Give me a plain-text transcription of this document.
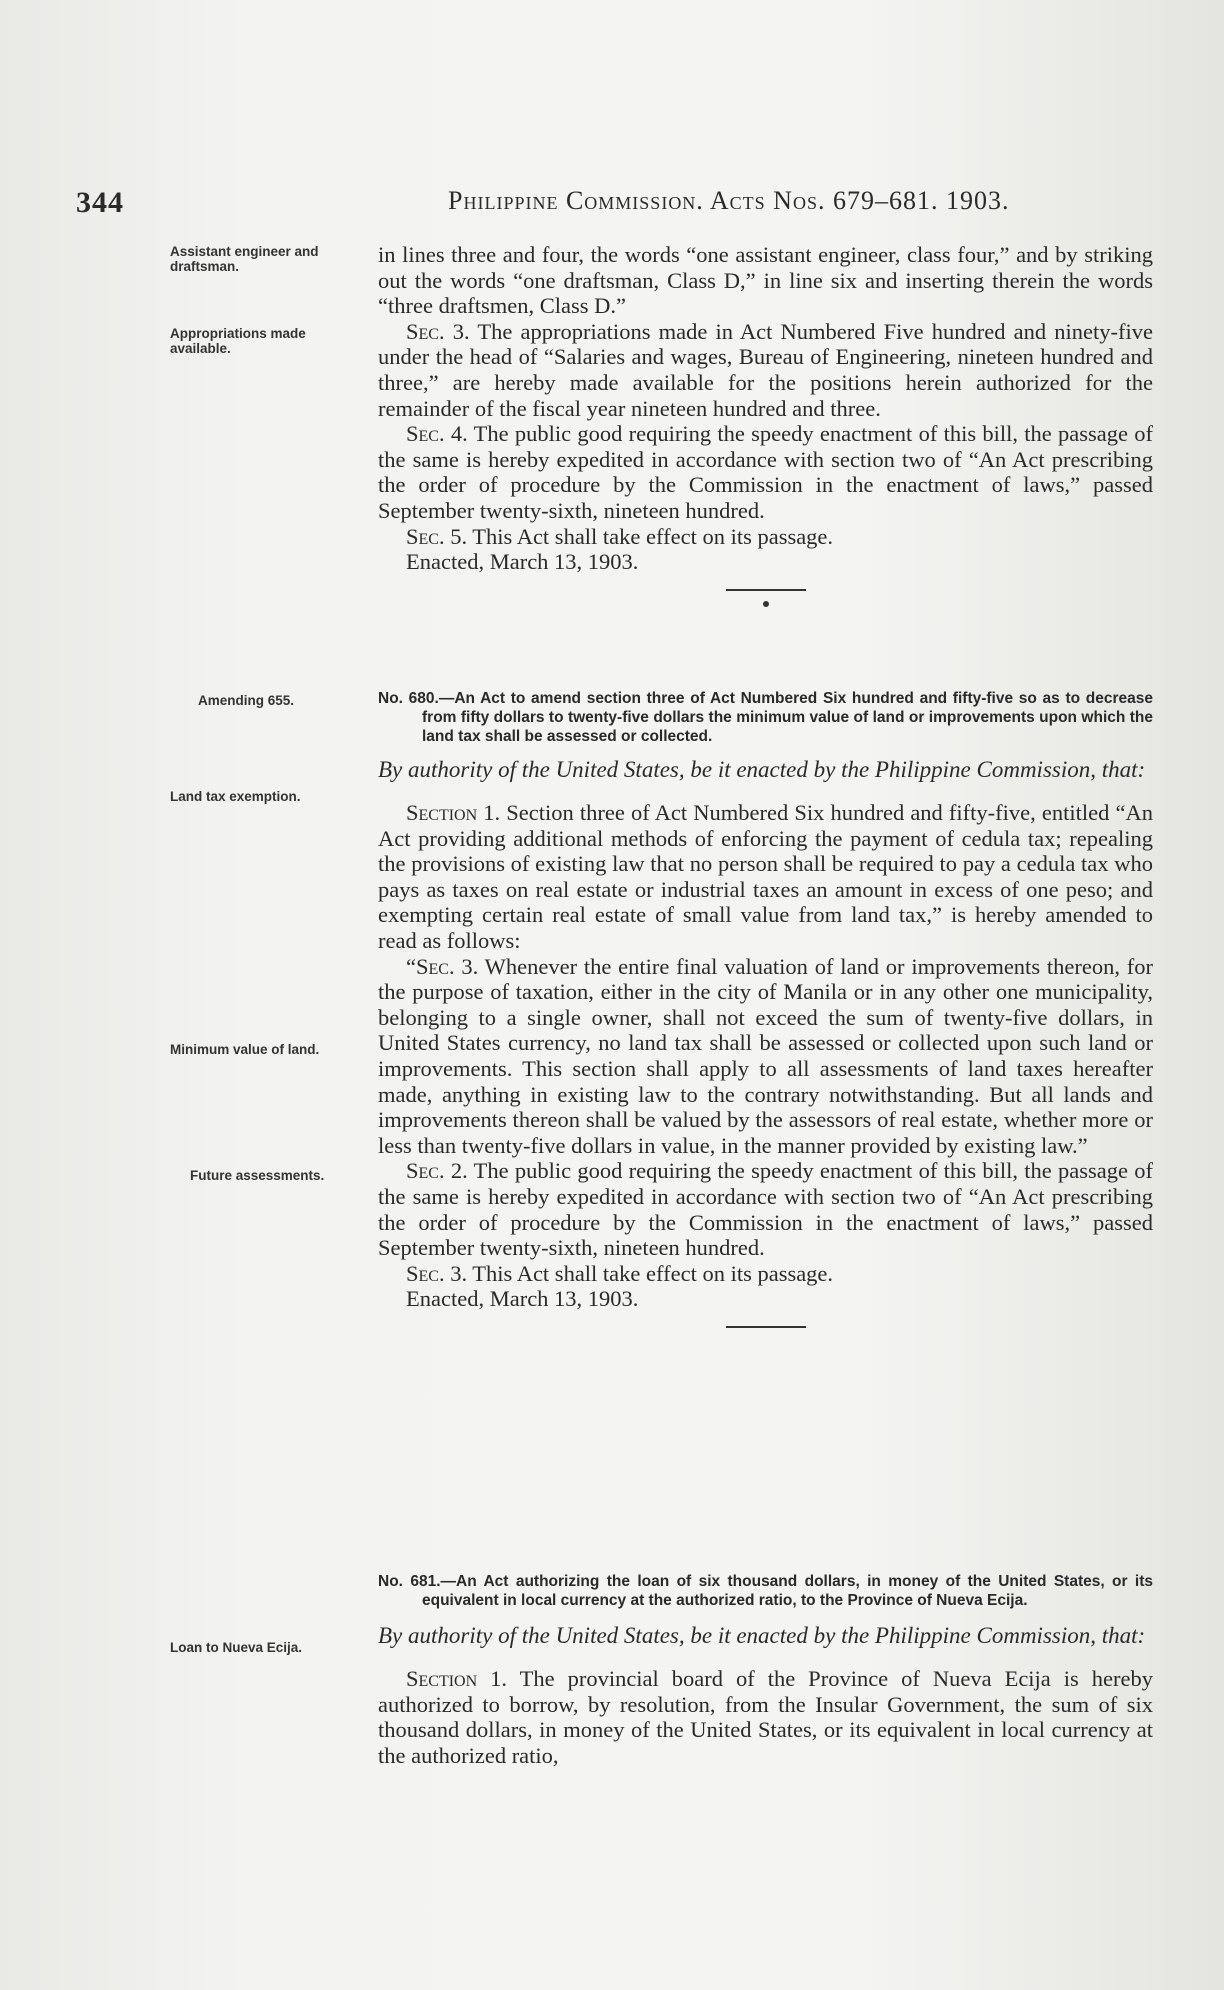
344	Philippine Commission. Acts Nos. 679–681. 1903.
Assistant engineer and draftsman.
Appropriations made available.
Amending 655.
Land tax exemption.
Minimum value of land.
Future assessments.
Loan to Nueva Ecija.

in lines three and four, the words “one assistant engineer, class four,” and by striking out the words “one draftsman, Class D,” in line six and inserting therein the words “three draftsmen, Class D.”

Sec. 3. The appropriations made in Act Numbered Five hundred and ninety-five under the head of “Salaries and wages, Bureau of Engineering, nineteen hundred and three,” are hereby made available for the positions herein authorized for the remainder of the fiscal year nineteen hundred and three.

Sec. 4. The public good requiring the speedy enactment of this bill, the passage of the same is hereby expedited in accordance with section two of “An Act prescribing the order of procedure by the Commission in the enactment of laws,” passed September twenty-sixth, nineteen hundred.

Sec. 5. This Act shall take effect on its passage.

Enacted, March 13, 1903.

No. 680.—An Act to amend section three of Act Numbered Six hundred and fifty-five so as to decrease from fifty dollars to twenty-five dollars the minimum value of land or improvements upon which the land tax shall be assessed or collected.

By authority of the United States, be it enacted by the Philippine Commission, that:

Section 1. Section three of Act Numbered Six hundred and fifty-five, entitled “An Act providing additional methods of enforcing the payment of cedula tax; repealing the provisions of existing law that no person shall be required to pay a cedula tax who pays as taxes on real estate or industrial taxes an amount in excess of one peso; and exempting certain real estate of small value from land tax,” is hereby amended to read as follows:

“Sec. 3. Whenever the entire final valuation of land or improvements thereon, for the purpose of taxation, either in the city of Manila or in any other one municipality, belonging to a single owner, shall not exceed the sum of twenty-five dollars, in United States currency, no land tax shall be assessed or collected upon such land or improvements. This section shall apply to all assessments of land taxes hereafter made, anything in existing law to the contrary notwithstanding. But all lands and improvements thereon shall be valued by the assessors of real estate, whether more or less than twenty-five dollars in value, in the manner provided by existing law.”

Sec. 2. The public good requiring the speedy enactment of this bill, the passage of the same is hereby expedited in accordance with section two of “An Act prescribing the order of procedure by the Commission in the enactment of laws,” passed September twenty-sixth, nineteen hundred.

Sec. 3. This Act shall take effect on its passage.

Enacted, March 13, 1903.

No. 681.—An Act authorizing the loan of six thousand dollars, in money of the United States, or its equivalent in local currency at the authorized ratio, to the Province of Nueva Ecija.

By authority of the United States, be it enacted by the Philippine Commission, that:

Section 1. The provincial board of the Province of Nueva Ecija is hereby authorized to borrow, by resolution, from the Insular Government, the sum of six thousand dollars, in money of the United States, or its equivalent in local currency at the authorized ratio,
